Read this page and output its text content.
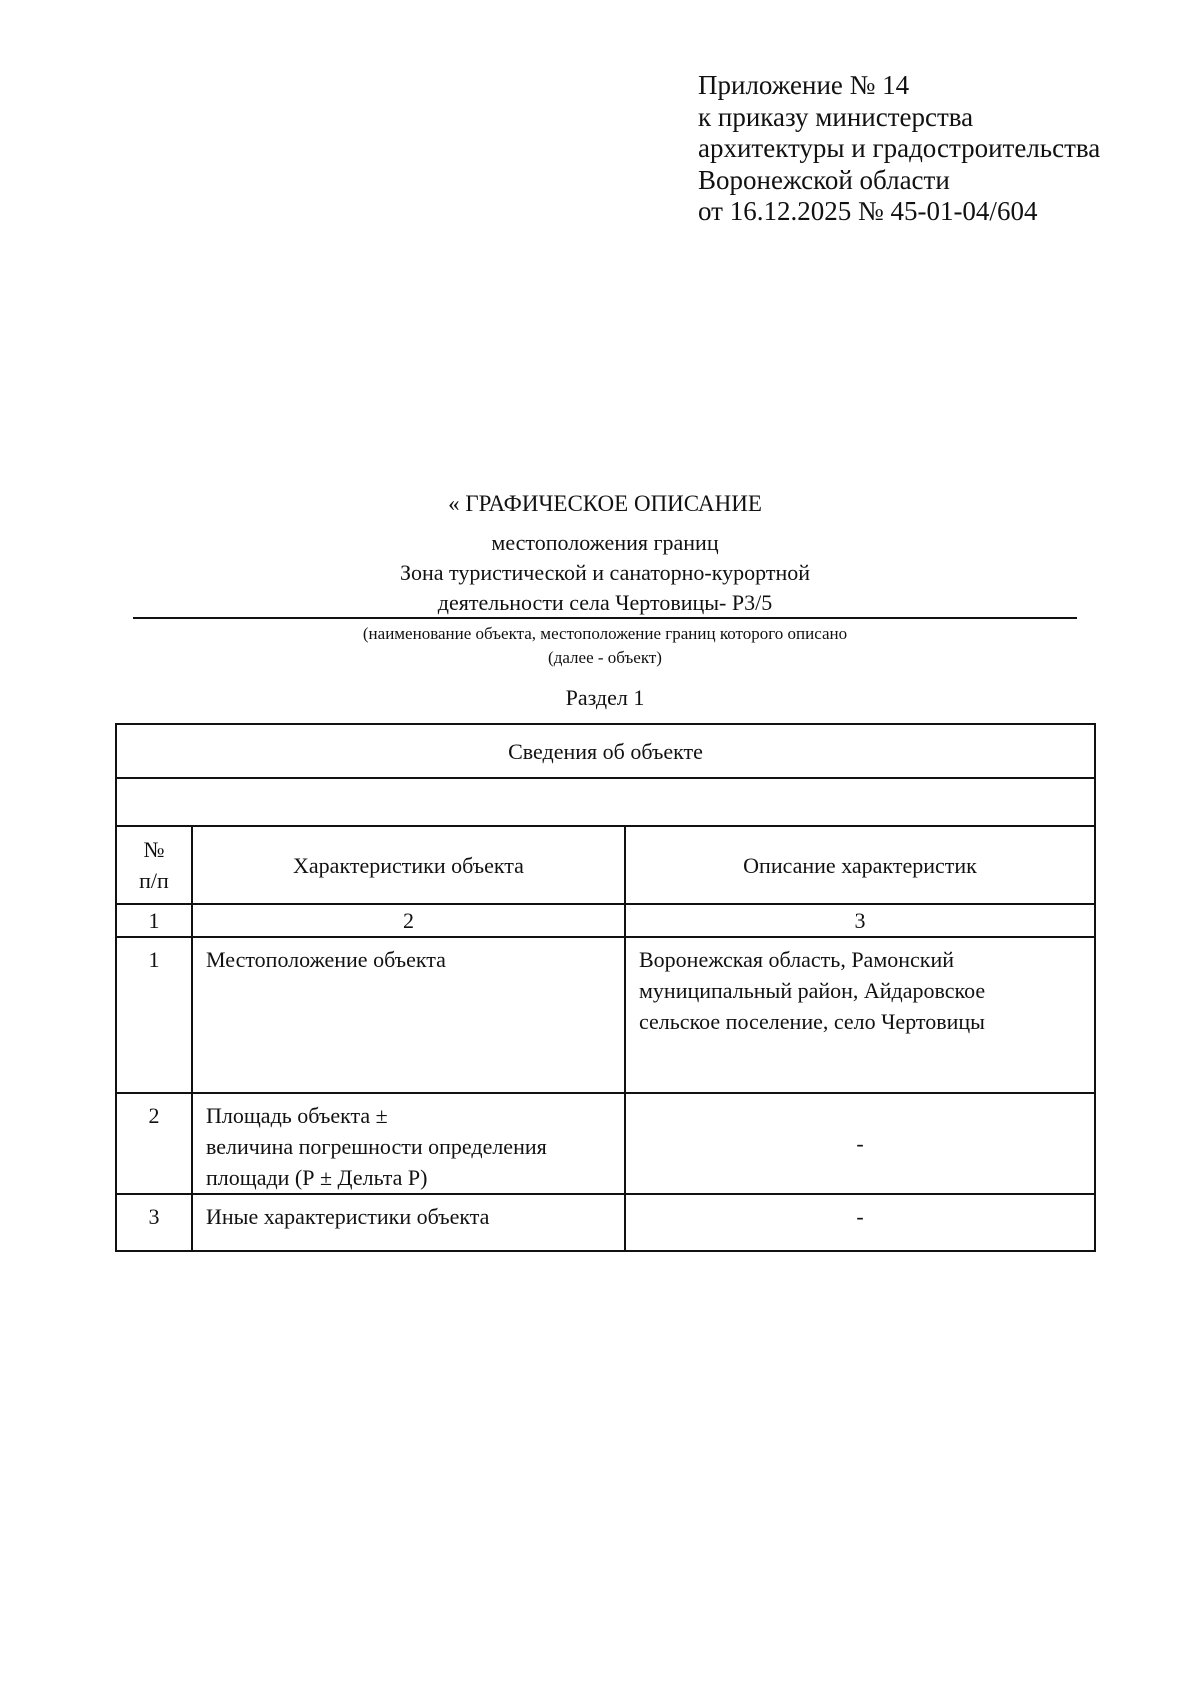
Приложение № 14
к приказу министерства
архитектуры и градостроительства
Воронежской области
от 16.12.2025 № 45-01-04/604
« ГРАФИЧЕСКОЕ ОПИСАНИЕ
местоположения границ
Зона туристической и санаторно-курортной
деятельности села Чертовицы- Р3/5
(наименование объекта, местоположение границ которого описано
(далее - объект)
Раздел 1
Сведения об объекте		

№
п/п	Характеристики объекта	Описание характеристик
1	2	3
1	Местоположение объекта	Воронежская область, Рамонский
муниципальный район, Айдаровское
сельское поселение, село Чертовицы

2	Площадь объекта ±
величина погрешности определения
площади (Р ± Дельта Р)	-
3	Иные характеристики объекта	-
